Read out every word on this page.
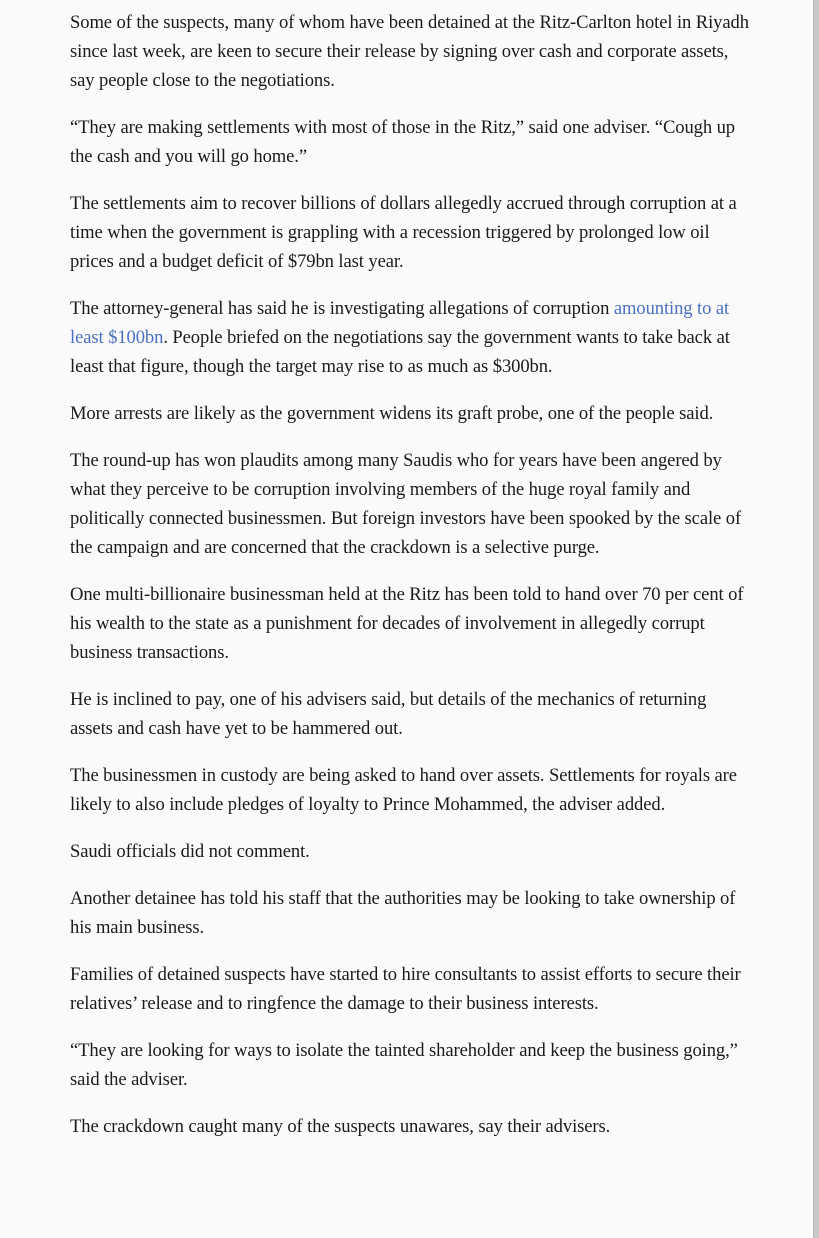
Some of the suspects, many of whom have been detained at the Ritz-Carlton hotel in Riyadh since last week, are keen to secure their release by signing over cash and corporate assets, say people close to the negotiations.

“They are making settlements with most of those in the Ritz,” said one adviser. “Cough up the cash and you will go home.”

The settlements aim to recover billions of dollars allegedly accrued through corruption at a time when the government is grappling with a recession triggered by prolonged low oil prices and a budget deficit of $79bn last year.

The attorney-general has said he is investigating allegations of corruption amounting to at least $100bn. People briefed on the negotiations say the government wants to take back at least that figure, though the target may rise to as much as $300bn.

More arrests are likely as the government widens its graft probe, one of the people said.

The round-up has won plaudits among many Saudis who for years have been angered by what they perceive to be corruption involving members of the huge royal family and politically connected businessmen. But foreign investors have been spooked by the scale of the campaign and are concerned that the crackdown is a selective purge.

One multi-billionaire businessman held at the Ritz has been told to hand over 70 per cent of his wealth to the state as a punishment for decades of involvement in allegedly corrupt business transactions.

He is inclined to pay, one of his advisers said, but details of the mechanics of returning assets and cash have yet to be hammered out.

The businessmen in custody are being asked to hand over assets. Settlements for royals are likely to also include pledges of loyalty to Prince Mohammed, the adviser added.

Saudi officials did not comment.

Another detainee has told his staff that the authorities may be looking to take ownership of his main business.

Families of detained suspects have started to hire consultants to assist efforts to secure their relatives’ release and to ringfence the damage to their business interests.

“They are looking for ways to isolate the tainted shareholder and keep the business going,” said the adviser.

The crackdown caught many of the suspects unawares, say their advisers.
